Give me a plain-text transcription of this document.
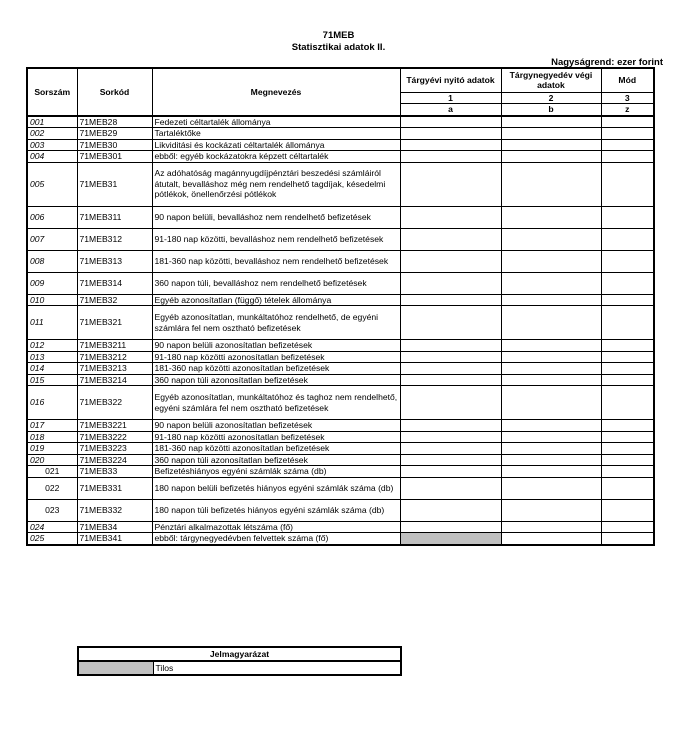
71MEB
Statisztikai adatok II.
Nagyságrend: ezer forint
Sorszám	Sorkód	Megnevezés	Tárgyévi nyitó adatok	Tárgynegyedév végi adatok	Mód
			1	2	3
			a	b	z
001	71MEB28	Fedezeti céltartalék állománya			
002	71MEB29	Tartaléktőke			
003	71MEB30	Likviditási és kockázati céltartalék állománya			
004	71MEB301	ebből: egyéb kockázatokra képzett céltartalék			
005	71MEB31	Az adóhatóság magánnyugdíjpénztári beszedési számláiról átutalt, bevalláshoz még nem rendelhető tagdíjak, késedelmi pótlékok, önellenőrzési pótlékok			
006	71MEB311	90 napon belüli, bevalláshoz nem rendelhető befizetések			
007	71MEB312	91-180 nap közötti, bevalláshoz nem rendelhető befizetések			
008	71MEB313	181-360 nap közötti, bevalláshoz nem rendelhető befizetések			
009	71MEB314	360 napon túli, bevalláshoz nem rendelhető befizetések			
010	71MEB32	Egyéb azonosítatlan (függő) tételek állománya			
011	71MEB321	Egyéb azonosítatlan, munkáltatóhoz rendelhető, de egyéni számlára fel nem osztható befizetések			
012	71MEB3211	90 napon belüli azonosítatlan befizetések			
013	71MEB3212	91-180 nap közötti azonosítatlan befizetések			
014	71MEB3213	181-360 nap közötti azonosítatlan befizetések			
015	71MEB3214	360 napon túli azonosítatlan befizetések			
016	71MEB322	Egyéb azonosítatlan, munkáltatóhoz és taghoz nem rendelhető, egyéni számlára fel nem osztható befizetések			
017	71MEB3221	90 napon belüli azonosítatlan befizetések			
018	71MEB3222	91-180 nap közötti azonosítatlan befizetések			
019	71MEB3223	181-360 nap közötti azonosítatlan befizetések			
020	71MEB3224	360 napon túli azonosítatlan befizetések			
021	71MEB33	Befizetéshiányos egyéni számlák száma (db)			
022	71MEB331	180 napon belüli befizetés hiányos egyéni számlák száma (db)			
023	71MEB332	180 napon túli befizetés hiányos egyéni számlák száma (db)			
024	71MEB34	Pénztári alkalmazottak létszáma (fő)			
025	71MEB341	ebből: tárgynegyedévben felvettek száma (fő)			
Jelmagyarázat
	Tilos
